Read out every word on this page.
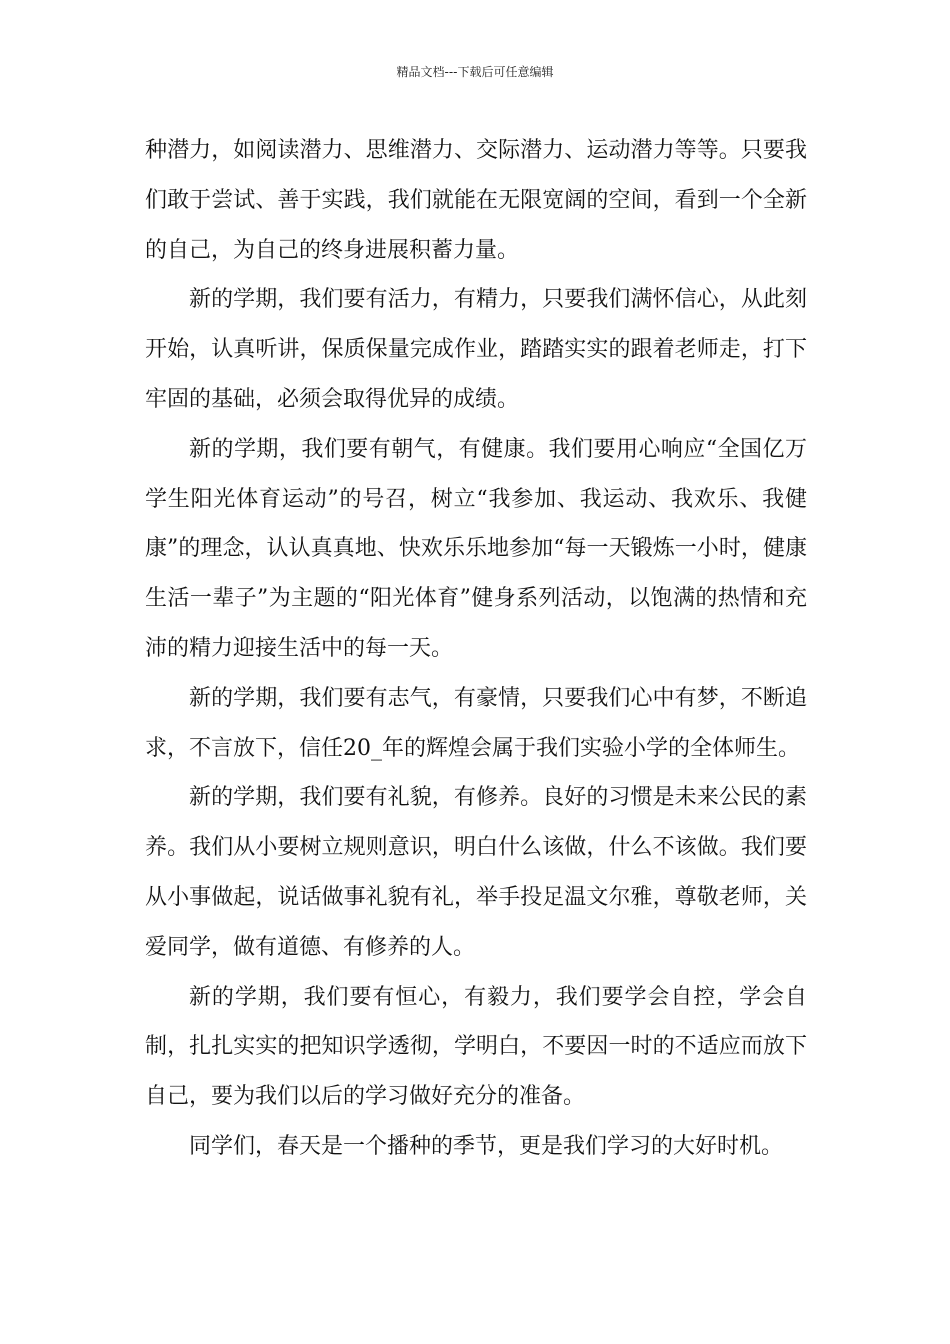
精品文档---下载后可任意编辑

种潜力，如阅读潜力、思维潜力、交际潜力、运动潜力等等。只要我们敢于尝试、善于实践，我们就能在无限宽阔的空间，看到一个全新的自己，为自己的终身进展积蓄力量。

新的学期，我们要有活力，有精力，只要我们满怀信心，从此刻开始，认真听讲，保质保量完成作业，踏踏实实的跟着老师走，打下牢固的基础，必须会取得优异的成绩。

新的学期，我们要有朝气，有健康。我们要用心响应“全国亿万学生阳光体育运动”的号召，树立“我参加、我运动、我欢乐、我健康”的理念，认认真真地、快欢乐乐地参加“每一天锻炼一小时，健康生活一辈子”为主题的“阳光体育”健身系列活动，以饱满的热情和充沛的精力迎接生活中的每一天。

新的学期，我们要有志气，有豪情，只要我们心中有梦，不断追求，不言放下，信任20_年的辉煌会属于我们实验小学的全体师生。

新的学期，我们要有礼貌，有修养。良好的习惯是未来公民的素养。我们从小要树立规则意识，明白什么该做，什么不该做。我们要从小事做起，说话做事礼貌有礼，举手投足温文尔雅，尊敬老师，关爱同学，做有道德、有修养的人。

新的学期，我们要有恒心，有毅力，我们要学会自控，学会自制，扎扎实实的把知识学透彻，学明白，不要因一时的不适应而放下自己，要为我们以后的学习做好充分的准备。

同学们，春天是一个播种的季节，更是我们学习的大好时机。
